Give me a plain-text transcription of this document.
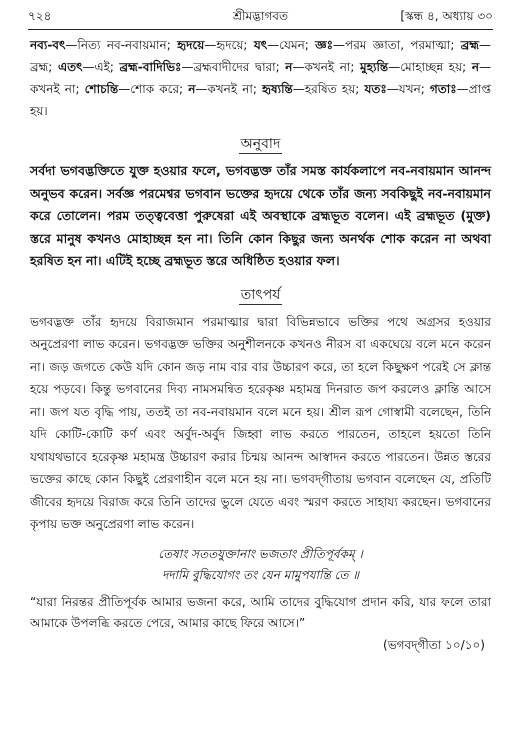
৭২৪	শ্রীমদ্ভাগবত	[স্কন্ধ ৪, অধ্যায় ৩০

নব্য-বৎ—নিত্য নব-নবায়মান; হৃদয়ে—হৃদয়ে; যৎ—যেমন; জ্ঞঃ—পরম জ্ঞাতা, পরমাত্মা; ব্রহ্ম—ব্রহ্ম; এতৎ—এই; ব্রহ্ম-বাদিভিঃ—ব্রহ্মবাদীদের দ্বারা; ন—কখনই না; মুহ্যন্তি—মোহাচ্ছন্ন হয়; ন—কখনই না; শোচন্তি—শোক করে; ন—কখনই না; হৃষ্যন্তি—হরষিত হয়; যতঃ—যখন; গতাঃ—প্রাপ্ত হয়।

অনুবাদ

সর্বদা ভগবদ্ভক্তিতে যুক্ত হওয়ার ফলে, ভগবদ্ভক্ত তাঁর সমস্ত কার্যকলাপে নব-নবায়মান আনন্দ অনুভব করেন। সর্বজ্ঞ পরমেশ্বর ভগবান ভক্তের হৃদয়ে থেকে তাঁর জন্য সবকিছুই নব-নবায়মান করে তোলেন। পরম তত্ত্ববেত্তা পুরুষেরা এই অবস্থাকে ব্রহ্মভূত বলেন। এই ব্রহ্মভূত (মুক্ত) স্তরে মানুষ কখনও মোহাচ্ছন্ন হন না। তিনি কোন কিছুর জন্য অনর্থক শোক করেন না অথবা হরষিত হন না। এটিই হচ্ছে ব্রহ্মভূত স্তরে অধিষ্ঠিত হওয়ার ফল।

তাৎপর্য

ভগবদ্ভক্ত তাঁর হৃদয়ে বিরাজমান পরমাত্মার দ্বারা বিভিন্নভাবে ভক্তির পথে অগ্রসর হওয়ার অনুপ্রেরণা লাভ করেন। ভগবদ্ভক্ত ভক্তির অনুশীলনকে কখনও নীরস বা একঘেয়ে বলে মনে করেন না। জড় জগতে কেউ যদি কোন জড় নাম বার বার উচ্চারণ করে, তা হলে কিছুক্ষণ পরেই সে ক্লান্ত হয়ে পড়বে। কিন্তু ভগবানের দিব্য নামসমন্বিত হরেকৃষ্ণ মহামন্ত্র দিনরাত জপ করলেও ক্লান্তি আসে না। জপ যত বৃদ্ধি পায়, ততই তা নব-নবায়মান বলে মনে হয়। শ্রীল রূপ গোস্বামী বলেছেন, তিনি যদি কোটি-কোটি কর্ণ এবং অর্বুদ-অর্বুদ জিহ্বা লাভ করতে পারতেন, তাহলে হয়তো তিনি যথাযথভাবে হরেকৃষ্ণ মহামন্ত্র উচ্চারণ করার চিন্ময় আনন্দ আস্বাদন করতে পারতেন। উন্নত স্তরের ভক্তের কাছে কোন কিছুই প্রেরণাহীন বলে মনে হয় না। ভগবদ্‌গীতায় ভগবান বলেছেন যে, প্রতিটি জীবের হৃদয়ে বিরাজ করে তিনি তাদের ভুলে যেতে এবং স্মরণ করতে সাহায্য করছেন। ভগবানের কৃপায় ভক্ত অনুপ্রেরণা লাভ করেন।

তেষাং সততযুক্তানাং ভজতাং প্রীতিপূর্বকম্‌ ।
দদামি বুদ্ধিযোগং তং যেন মামুপযান্তি তে ॥

“যারা নিরন্তর প্রীতিপূর্বক আমার ভজনা করে, আমি তাদের বুদ্ধিযোগ প্রদান করি, যার ফলে তারা আমাকে উপলব্ধি করতে পেরে, আমার কাছে ফিরে আসে।”

(ভগবদ্‌গীতা ১০/১০)
